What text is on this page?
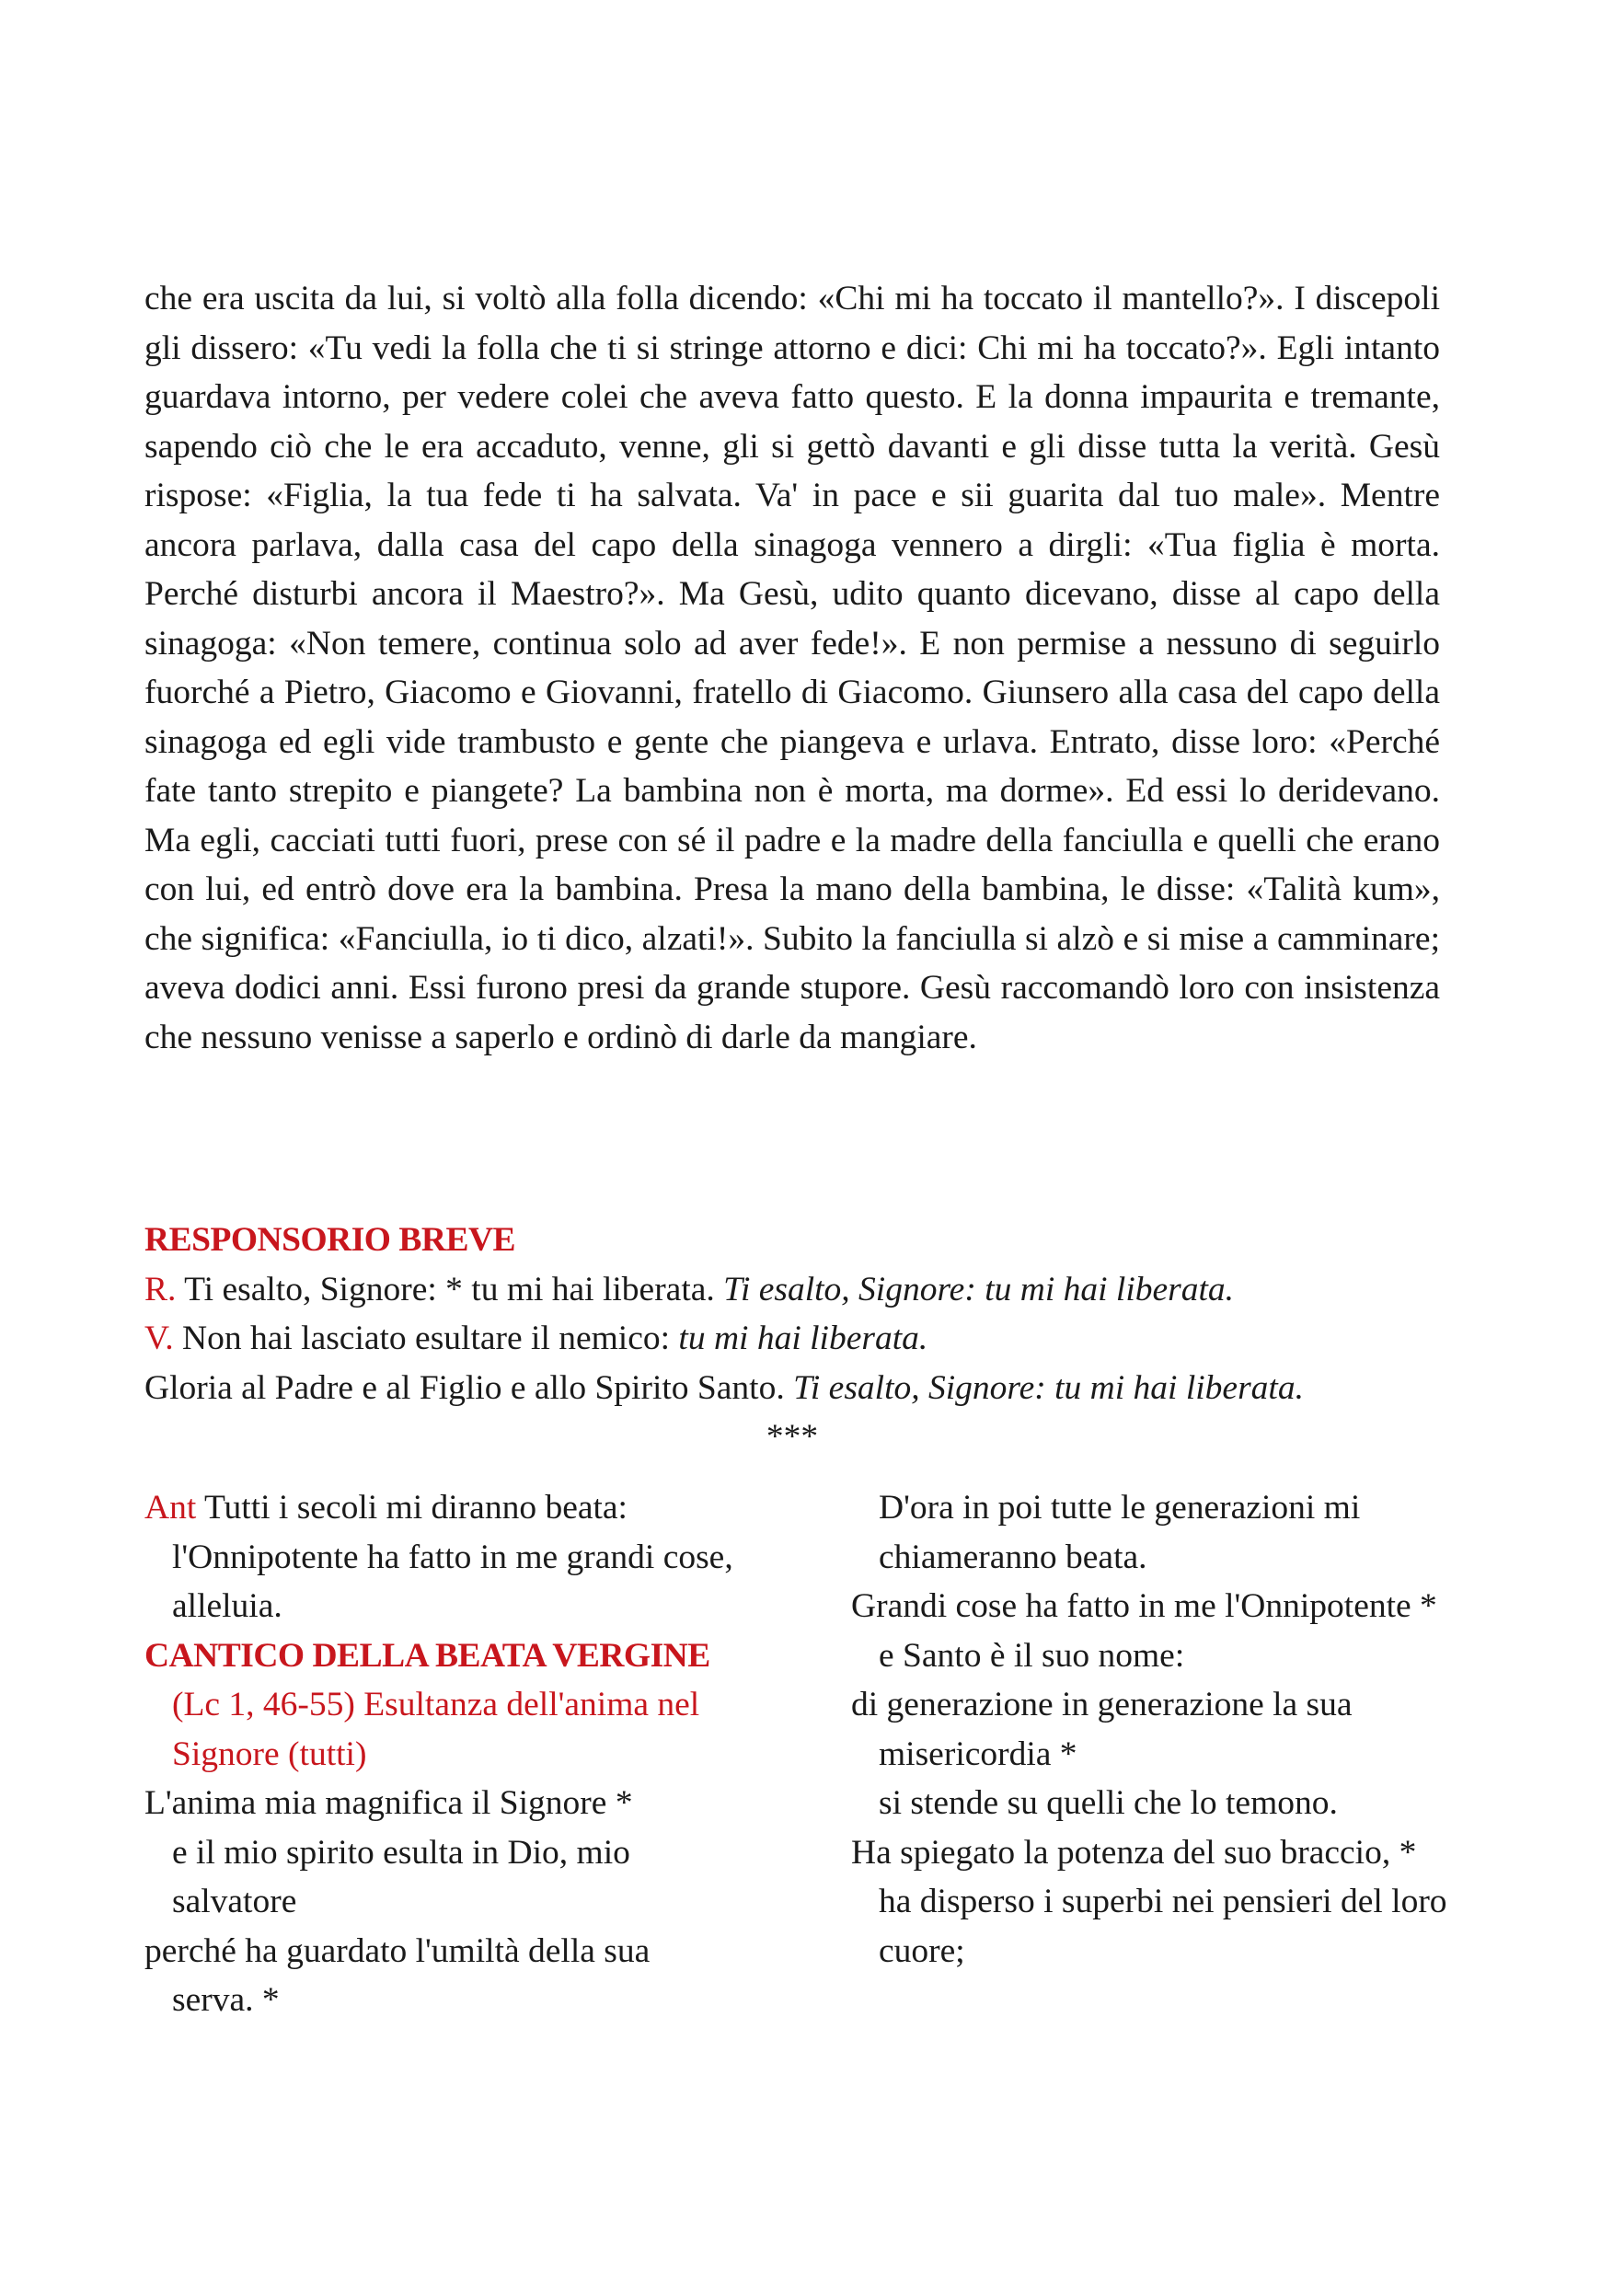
che era uscita da lui, si voltò alla folla dicendo: «Chi mi ha toccato il mantello?». I discepoli gli dissero: «Tu vedi la folla che ti si stringe attorno e dici: Chi mi ha toccato?». Egli intanto guardava intorno, per vedere colei che aveva fatto questo. E la donna impaurita e tremante, sapendo ciò che le era accaduto, venne, gli si gettò davanti e gli disse tutta la verità. Gesù rispose: «Figlia, la tua fede ti ha salvata. Va' in pace e sii guarita dal tuo male». Mentre ancora parlava, dalla casa del capo della sinagoga vennero a dirgli: «Tua figlia è morta. Perché disturbi ancora il Maestro?». Ma Gesù, udito quanto dicevano, disse al capo della sinagoga: «Non temere, continua solo ad aver fede!». E non permise a nessuno di seguirlo fuorché a Pietro, Giacomo e Giovanni, fratello di Giacomo. Giunsero alla casa del capo della sinagoga ed egli vide trambusto e gente che piangeva e urlava. Entrato, disse loro: «Perché fate tanto strepito e piangete? La bambina non è morta, ma dorme». Ed essi lo deridevano. Ma egli, cacciati tutti fuori, prese con sé il padre e la madre della fanciulla e quelli che erano con lui, ed entrò dove era la bambina. Presa la mano della bambina, le disse: «Talità kum», che significa: «Fanciulla, io ti dico, alzati!». Subito la fanciulla si alzò e si mise a camminare; aveva dodici anni. Essi furono presi da grande stupore. Gesù raccomandò loro con insistenza che nessuno venisse a saperlo e ordinò di darle da mangiare.

RESPONSORIO BREVE

R. Ti esalto, Signore: * tu mi hai liberata. Ti esalto, Signore: tu mi hai liberata.

V. Non hai lasciato esultare il nemico: tu mi hai liberata.

Gloria al Padre e al Figlio e allo Spirito Santo. Ti esalto, Signore: tu mi hai liberata.

***

Ant Tutti i secoli mi diranno beata: l'Onnipotente ha fatto in me grandi cose, alleluia.

CANTICO DELLA BEATA VERGINE (Lc 1, 46-55) Esultanza dell'anima nel Signore (tutti)

L'anima mia magnifica il Signore *

e il mio spirito esulta in Dio, mio salvatore

perché ha guardato l'umiltà della sua serva. *

D'ora in poi tutte le generazioni mi chiameranno beata.

Grandi cose ha fatto in me l'Onnipotente *

e Santo è il suo nome:

di generazione in generazione la sua misericordia *

si stende su quelli che lo temono.

Ha spiegato la potenza del suo braccio, *

ha disperso i superbi nei pensieri del loro cuore;
